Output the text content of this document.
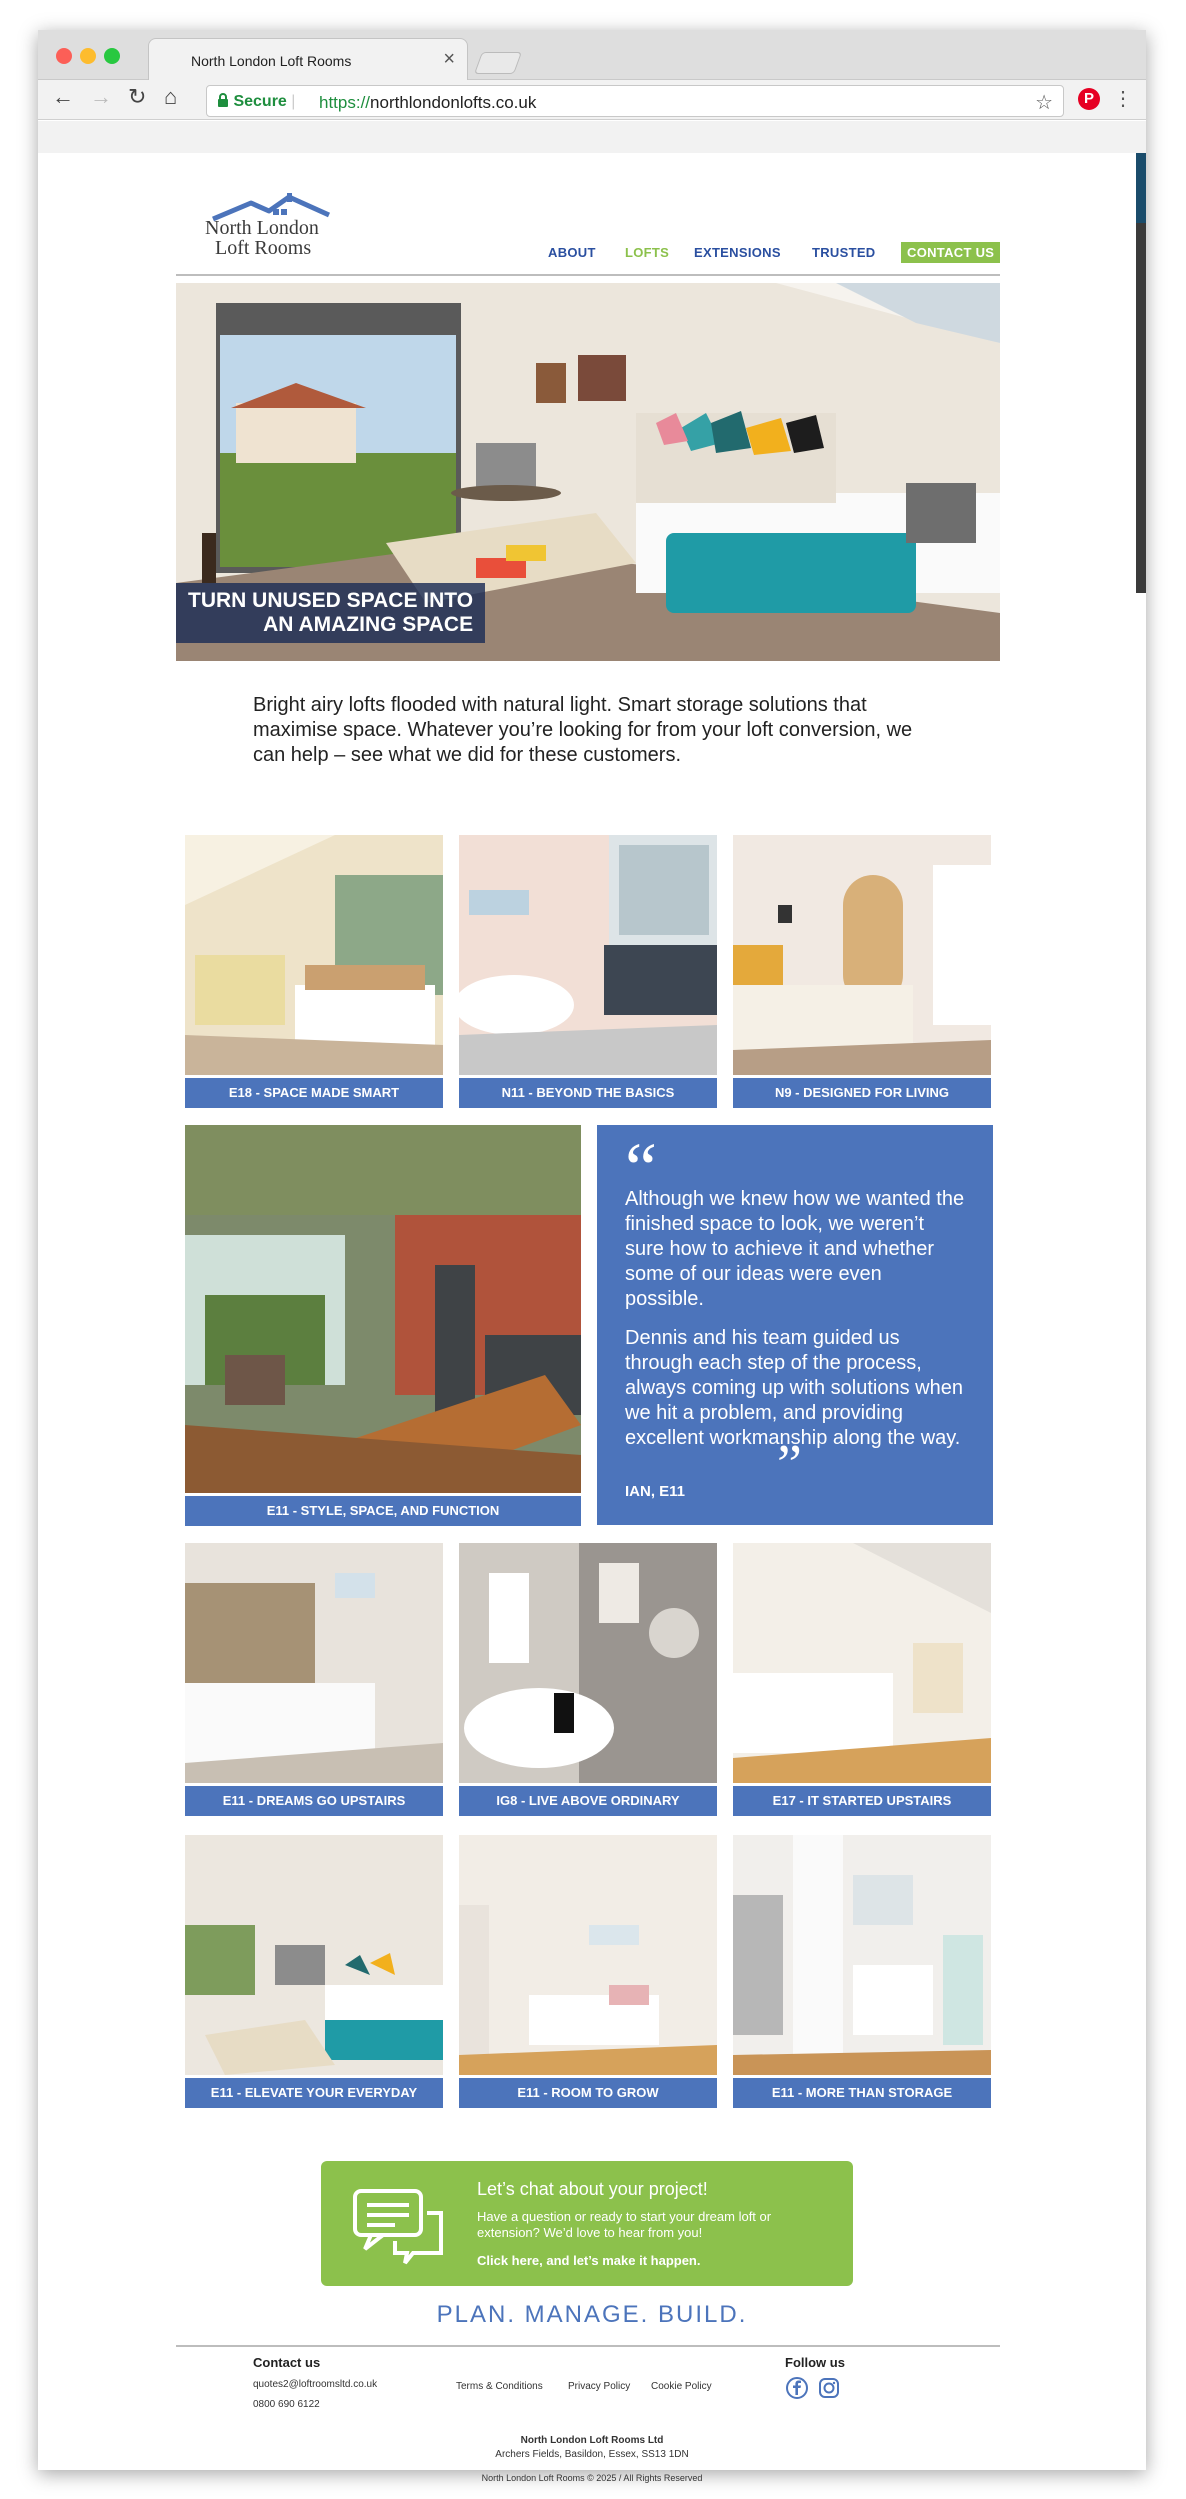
North London Loft Rooms	×
← → ↻ ⌂	Secure | https://northlondonlofts.co.uk	☆	P ⋮
North London
Loft Rooms	ABOUT LOFTS EXTENSIONS TRUSTED	CONTACT US
TURN UNUSED SPACE INTO
AN AMAZING SPACE

Bright airy lofts flooded with natural light. Smart storage solutions that maximise space. Whatever you’re looking for from your loft conversion, we can help – see what we did for these customers.

E18 - SPACE MADE SMART	N11 - BEYOND THE BASICS	N9 - DESIGNED FOR LIVING
E11 - STYLE, SPACE, AND FUNCTION
“

Although we knew how we wanted the finished space to look, we weren’t sure how to achieve it and whether some of our ideas were even possible.

Dennis and his team guided us through each step of the process, always coming up with solutions when we hit a problem, and providing excellent workmanship along the way.

”
IAN, E11
E11 - DREAMS GO UPSTAIRS	IG8 - LIVE ABOVE ORDINARY	E17 - IT STARTED UPSTAIRS
E11 - ELEVATE YOUR EVERYDAY	E11 - ROOM TO GROW	E11 - MORE THAN STORAGE
Let’s chat about your project!
Have a question or ready to start your dream loft or extension? We’d love to hear from you!
Click here, and let’s make it happen.
PLAN. MANAGE. BUILD.
Contact us
quotes2@loftroomsltd.co.uk
0800 690 6122
Terms & Conditions	Privacy Policy Cookie Policy
Follow us
North London Loft Rooms Ltd
Archers Fields, Basildon, Essex, SS13 1DN
North London Loft Rooms © 2025 / All Rights Reserved
